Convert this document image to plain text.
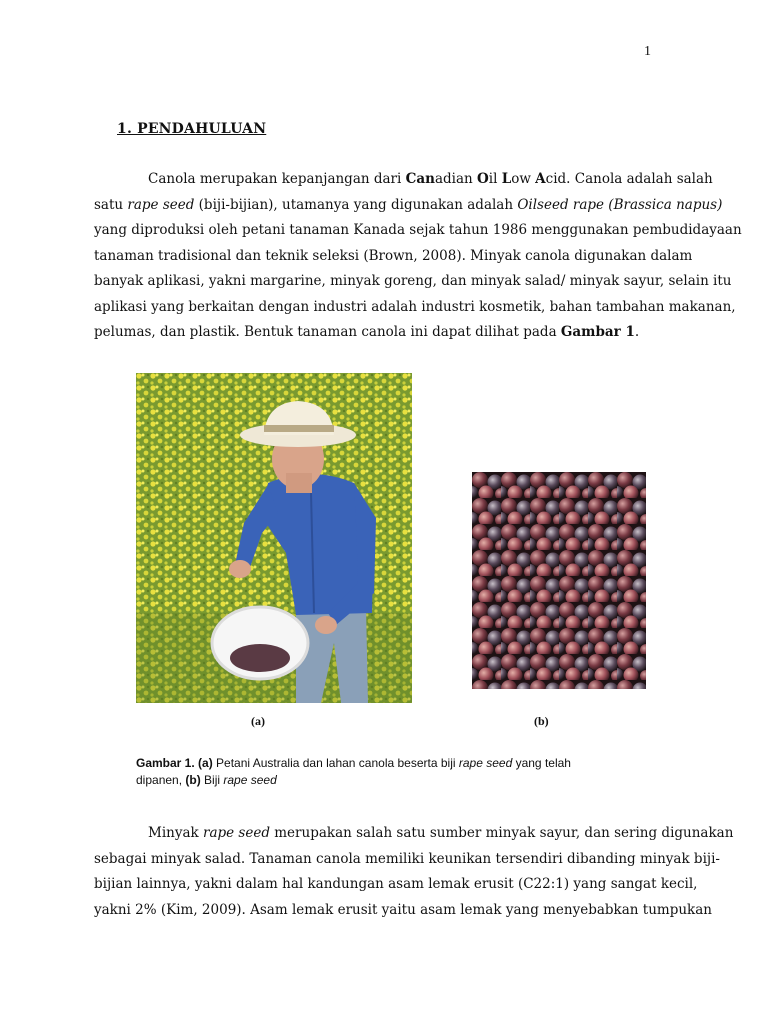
1
1. PENDAHULUAN
Canola merupakan kepanjangan dari Canadian Oil Low Acid. Canola adalah salah
satu rape seed (biji-bijian), utamanya yang digunakan adalah Oilseed rape (Brassica napus)
yang diproduksi oleh petani tanaman Kanada sejak tahun 1986 menggunakan pembudidayaan
tanaman tradisional dan teknik seleksi (Brown, 2008). Minyak canola digunakan dalam
banyak aplikasi, yakni margarine, minyak goreng, dan minyak salad/ minyak sayur, selain itu
aplikasi yang berkaitan dengan industri adalah industri kosmetik, bahan tambahan makanan,
pelumas, dan plastik. Bentuk tanaman canola ini dapat dilihat pada Gambar 1.
(a)	(b)
Gambar 1. (a) Petani Australia dan lahan canola beserta biji rape seed yang telah
dipanen, (b) Biji rape seed
Minyak rape seed merupakan salah satu sumber minyak sayur, dan sering digunakan
sebagai minyak salad. Tanaman canola memiliki keunikan tersendiri dibanding minyak biji-
bijian lainnya, yakni dalam hal kandungan asam lemak erusit (C22:1) yang sangat kecil,
yakni 2% (Kim, 2009). Asam lemak erusit yaitu asam lemak yang menyebabkan tumpukan
